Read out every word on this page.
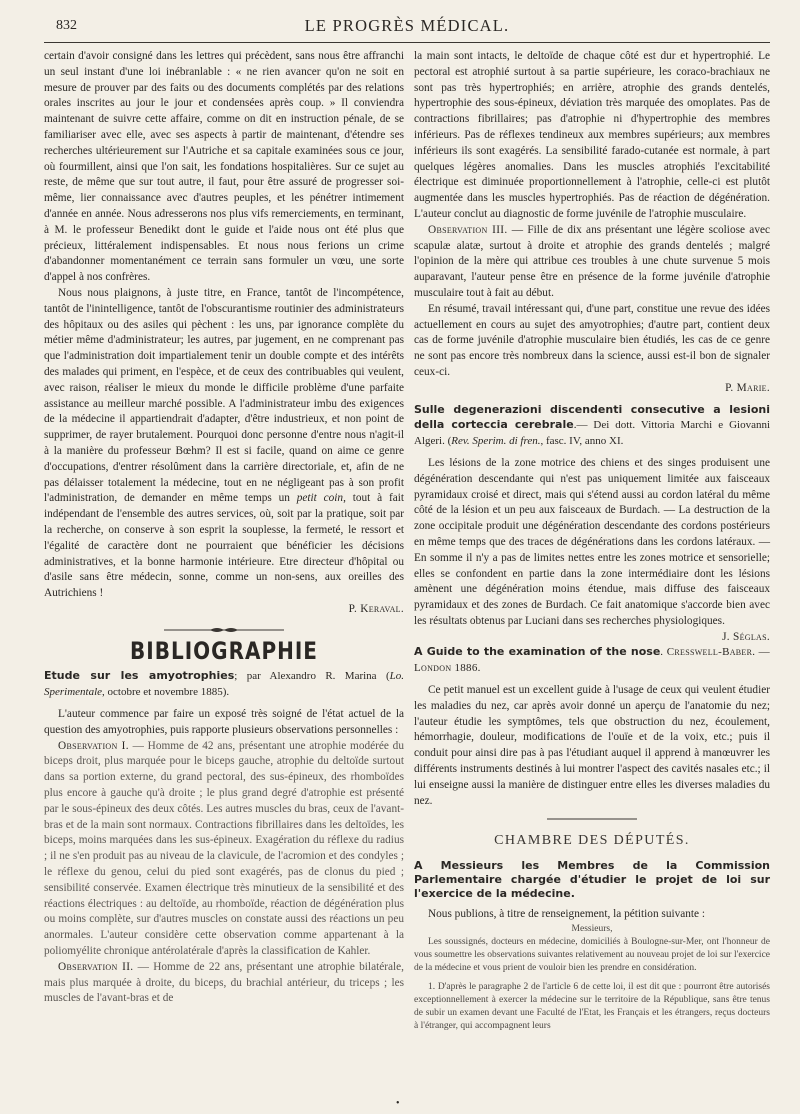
832	LE PROGRÈS MÉDICAL.

certain d'avoir consigné dans les lettres qui précèdent, sans nous être affranchi un seul instant d'une loi inébranlable : « ne rien avancer qu'on ne soit en mesure de prouver par des faits ou des documents complétés par des relations orales inscrites au jour le jour et condensées après coup. » Il conviendra maintenant de suivre cette affaire, comme on dit en instruction pénale, de se familiariser avec elle, avec ses aspects à partir de maintenant, d'étendre ses recherches ultérieurement sur l'Autriche et sa capitale examinées sous ce jour, où fourmillent, ainsi que l'on sait, les fondations hospitalières. Sur ce sujet au reste, de même que sur tout autre, il faut, pour être assuré de progresser soi-même, lier connaissance avec d'autres peuples, et les pénétrer intimement d'année en année. Nous adresserons nos plus vifs remerciements, en terminant, à M. le professeur Benedikt dont le guide et l'aide nous ont été plus que précieux, littéralement indispensables. Et nous nous ferions un crime d'abandonner momentanément ce terrain sans formuler un vœu, une sorte d'appel à nos confrères.

Nous nous plaignons, à juste titre, en France, tantôt de l'incompétence, tantôt de l'inintelligence, tantôt de l'obscurantisme routinier des administrateurs des hôpitaux ou des asiles qui pèchent : les uns, par ignorance complète du métier même d'administrateur; les autres, par jugement, en ne comprenant pas que l'administration doit impartialement tenir un double compte et des intérêts des malades qui priment, en l'espèce, et de ceux des contribuables qui veulent, avec raison, réaliser le mieux du monde le difficile problème d'une parfaite assistance au meilleur marché possible. A l'administrateur imbu des exigences de la médecine il appartiendrait d'adapter, d'être industrieux, et non point de supprimer, de rayer brutalement. Pourquoi donc personne d'entre nous n'agit-il à la manière du professeur Bœhm? Il est si facile, quand on aime ce genre d'occupations, d'entrer résolûment dans la carrière directoriale, et, afin de ne pas délaisser totalement la médecine, tout en ne négligeant pas à son profit l'administration, de demander en même temps un petit coin, tout à fait indépendant de l'ensemble des autres services, où, soit par la pratique, soit par la recherche, on conserve à son esprit la souplesse, la fermeté, le ressort et l'égalité de caractère dont ne pourraient que bénéficier les décisions administratives, et la bonne harmonie intérieure. Etre directeur d'hôpital ou d'asile sans être médecin, sonne, comme un non-sens, aux oreilles des Autrichiens !

P. Keraval.

BIBLIOGRAPHIE

Etude sur les amyotrophies; par Alexandro R. Marina (Lo. Sperimentale, octobre et novembre 1885).

L'auteur commence par faire un exposé très soigné de l'état actuel de la question des amyotrophies, puis rapporte plusieurs observations personnelles :

Observation I. — Homme de 42 ans, présentant une atrophie modérée du biceps droit, plus marquée pour le biceps gauche, atrophie du deltoïde surtout dans sa portion externe, du grand pectoral, des sus-épineux, des rhomboïdes plus encore à gauche qu'à droite ; le plus grand degré d'atrophie est présenté par le sous-épineux des deux côtés. Les autres muscles du bras, ceux de l'avant-bras et de la main sont normaux. Contractions fibrillaires dans les deltoïdes, les biceps, moins marquées dans les sus-épineux. Exagération du réflexe du radius ; il ne s'en produit pas au niveau de la clavicule, de l'acromion et des condyles ; le réflexe du genou, celui du pied sont exagérés, pas de clonus du pied ; sensibilité conservée. Examen électrique très minutieux de la sensibilité et des réactions électriques : au deltoïde, au rhomboïde, réaction de dégénération plus ou moins complète, sur d'autres muscles on constate aussi des réactions un peu anormales. L'auteur considère cette observation comme appartenant à la poliomyélite chronique antérolatérale d'après la classification de Kahler.

Observation II. — Homme de 22 ans, présentant une atrophie bilatérale, mais plus marquée à droite, du biceps, du brachial antérieur, du triceps ; les muscles de l'avant-bras et de

la main sont intacts, le deltoïde de chaque côté est dur et hypertrophié. Le pectoral est atrophié surtout à sa partie supérieure, les coraco-brachiaux ne sont pas très hypertrophiés; en arrière, atrophie des grands dentelés, hypertrophie des sous-épineux, déviation très marquée des omoplates. Pas de contractions fibrillaires; pas d'atrophie ni d'hypertrophie des membres inférieurs. Pas de réflexes tendineux aux membres supérieurs; aux membres inférieurs ils sont exagérés. La sensibilité farado-cutanée est normale, à part quelques légères anomalies. Dans les muscles atrophiés l'excitabilité électrique est diminuée proportionnellement à l'atrophie, celle-ci est plutôt augmentée dans les muscles hypertrophiés. Pas de réaction de dégénération. L'auteur conclut au diagnostic de forme juvénile de l'atrophie musculaire.

Observation III. — Fille de dix ans présentant une légère scoliose avec scapulæ alatæ, surtout à droite et atrophie des grands dentelés ; malgré l'opinion de la mère qui attribue ces troubles à une chute survenue 5 mois auparavant, l'auteur pense être en présence de la forme juvénile d'atrophie musculaire tout à fait au début.

En résumé, travail intéressant qui, d'une part, constitue une revue des idées actuellement en cours au sujet des amyotrophies; d'autre part, contient deux cas de forme juvénile d'atrophie musculaire bien étudiés, les cas de ce genre ne sont pas encore très nombreux dans la science, aussi est-il bon de signaler ceux-ci.

P. Marie.

Sulle degenerazioni discendenti consecutive a lesioni della corteccia cerebrale.— Dei dott. Vittoria Marchi e Giovanni Algeri. (Rev. Sperim. di fren., fasc. IV, anno XI.

Les lésions de la zone motrice des chiens et des singes produisent une dégénération descendante qui n'est pas uniquement limitée aux faisceaux pyramidaux croisé et direct, mais qui s'étend aussi au cordon latéral du même côté de la lésion et un peu aux faisceaux de Burdach. — La destruction de la zone occipitale produit une dégénération descendante des cordons postérieurs en même temps que des traces de dégénérations dans les cordons latéraux. — En somme il n'y a pas de limites nettes entre les zones motrice et sensorielle; elles se confondent en partie dans la zone intermédiaire dont les lésions amènent une dégénération moins étendue, mais diffuse des faisceaux pyramidaux et des zones de Burdach. Ce fait anatomique s'accorde bien avec les résultats obtenus par Luciani dans ses recherches physiologiques.

J. Séglas.

A Guide to the examination of the nose. Cresswell-Baber. — London 1886.

Ce petit manuel est un excellent guide à l'usage de ceux qui veulent étudier les maladies du nez, car après avoir donné un aperçu de l'anatomie du nez; l'auteur étudie les symptômes, tels que obstruction du nez, écoulement, hémorrhagie, douleur, modifications de l'ouïe et de la voix, etc.; puis il conduit pour ainsi dire pas à pas l'étudiant auquel il apprend à manœuvrer les différents instruments destinés à lui montrer l'aspect des cavités nasales etc.; il lui enseigne aussi la manière de distinguer entre elles les diverses maladies du nez.

CHAMBRE DES DÉPUTÉS.

A Messieurs les Membres de la Commission Parlementaire chargée d'étudier le projet de loi sur l'exercice de la médecine.

Nous publions, à titre de renseignement, la pétition suivante :

Messieurs,

Les soussignés, docteurs en médecine, domiciliés à Boulogne-sur-Mer, ont l'honneur de vous soumettre les observations suivantes relativement au nouveau projet de loi sur l'exercice de la médecine et vous prient de vouloir bien les prendre en considération.

1. D'après le paragraphe 2 de l'article 6 de cette loi, il est dit que : pourront être autorisés exceptionnellement à exercer la médecine sur le territoire de la République, sans être tenus de subir un examen devant une Faculté de l'Etat, les Français et les étrangers, reçus docteurs à l'étranger, qui accompagnent leurs

•
